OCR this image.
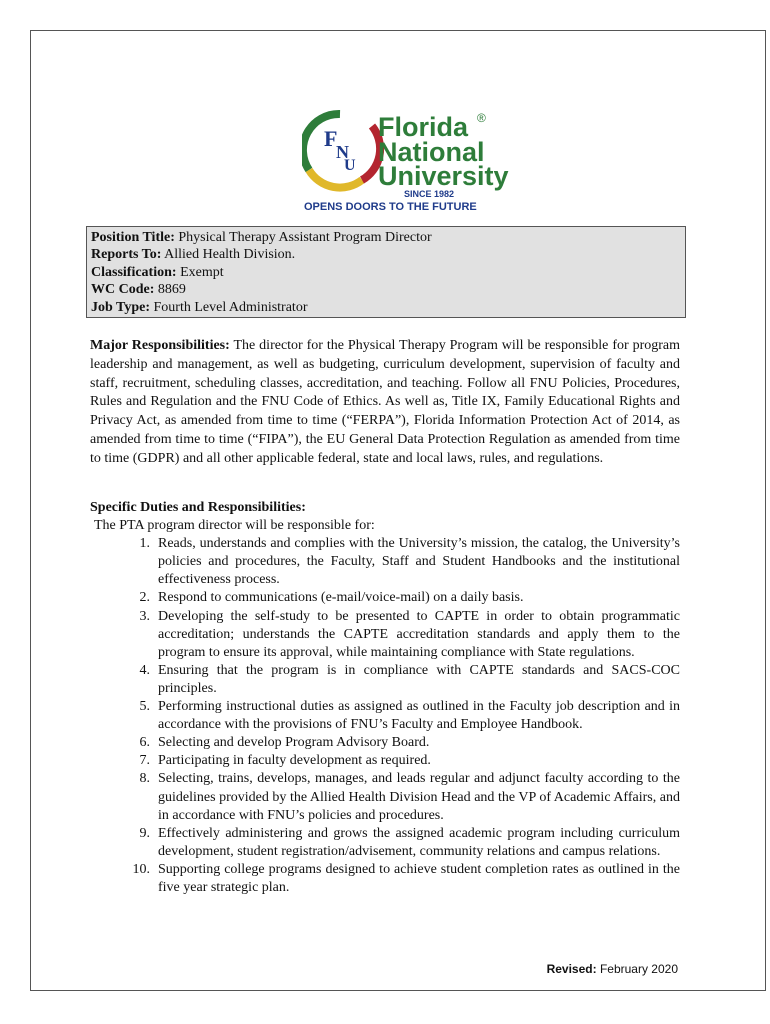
F
N
U
Florida ®
National
University
SINCE 1982
OPENS DOORS TO THE FUTURE
Position Title: Physical Therapy Assistant Program Director
Reports To: Allied Health Division.
Classification: Exempt
WC Code: 8869
Job Type: Fourth Level Administrator
Major Responsibilities: The director for the Physical Therapy Program will be responsible for program leadership and management, as well as budgeting, curriculum development, supervision of faculty and staff, recruitment, scheduling classes, accreditation, and teaching. Follow all FNU Policies, Procedures, Rules and Regulation and the FNU Code of Ethics. As well as, Title IX, Family Educational Rights and Privacy Act, as amended from time to time (“FERPA”), Florida Information Protection Act of 2014, as amended from time to time (“FIPA”), the EU General Data Protection Regulation as amended from time to time (GDPR) and all other applicable federal, state and local laws, rules, and regulations.
Specific Duties and Responsibilities:
The PTA program director will be responsible for:
1. Reads, understands and complies with the University’s mission, the catalog, the University’s policies and procedures, the Faculty, Staff and Student Handbooks and the institutional effectiveness process.
2. Respond to communications (e-mail/voice-mail) on a daily basis.
3. Developing the self-study to be presented to CAPTE in order to obtain programmatic accreditation; understands the CAPTE accreditation standards and apply them to the program to ensure its approval, while maintaining compliance with State regulations.
4. Ensuring that the program is in compliance with CAPTE standards and SACS-COC principles.
5. Performing instructional duties as assigned as outlined in the Faculty job description and in accordance with the provisions of FNU’s Faculty and Employee Handbook.
6. Selecting and develop Program Advisory Board.
7. Participating in faculty development as required.
8. Selecting, trains, develops, manages, and leads regular and adjunct faculty according to the guidelines provided by the Allied Health Division Head and the VP of Academic Affairs, and in accordance with FNU’s policies and procedures.
9. Effectively administering and grows the assigned academic program including curriculum development, student registration/advisement, community relations and campus relations.
10. Supporting college programs designed to achieve student completion rates as outlined in the five year strategic plan.
Revised: February 2020
